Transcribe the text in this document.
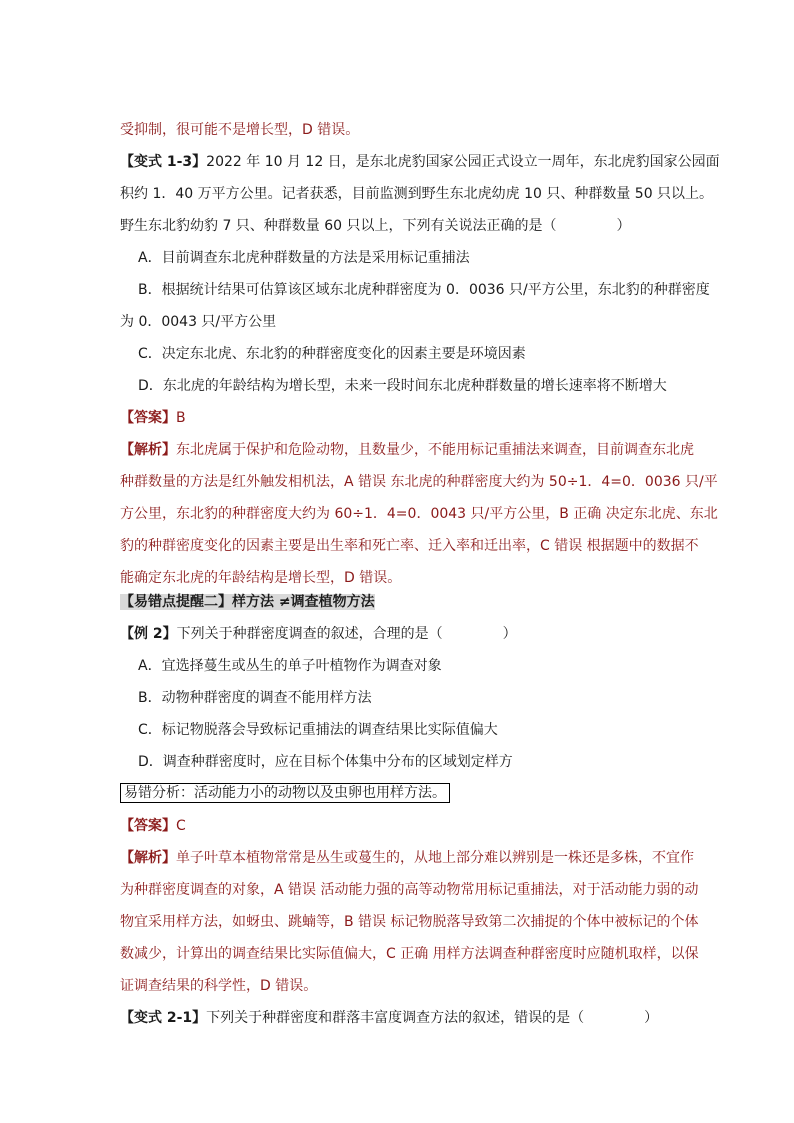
受抑制，很可能不是增长型，D 错误。
【变式 1-3】2022 年 10 月 12 日，是东北虎豹国家公园正式设立一周年，东北虎豹国家公园面
积约 1．40 万平方公里。记者获悉，目前监测到野生东北虎幼虎 10 只、种群数量 50 只以上。
野生东北豹幼豹 7 只、种群数量 60 只以上，下列有关说法正确的是（	）
A．目前调查东北虎种群数量的方法是采用标记重捕法
B．根据统计结果可估算该区域东北虎种群密度为 0．0036 只/平方公里，东北豹的种群密度
为 0．0043 只/平方公里
C．决定东北虎、东北豹的种群密度变化的因素主要是环境因素
D．东北虎的年龄结构为增长型，未来一段时间东北虎种群数量的增长速率将不断增大
【答案】B
【解析】东北虎属于保护和危险动物，且数量少，不能用标记重捕法来调查，目前调查东北虎
种群数量的方法是红外触发相机法，A 错误 东北虎的种群密度大约为 50÷1．4=0．0036 只/平
方公里，东北豹的种群密度大约为 60÷1．4=0．0043 只/平方公里，B 正确 决定东北虎、东北
豹的种群密度变化的因素主要是出生率和死亡率、迁入率和迁出率，C 错误 根据题中的数据不
能确定东北虎的年龄结构是增长型，D 错误。
【易错点提醒二】样方法 ≠调查植物方法
【例 2】下列关于种群密度调查的叙述，合理的是（	）
A．宜选择蔓生或丛生的单子叶植物作为调查对象
B．动物种群密度的调查不能用样方法
C．标记物脱落会导致标记重捕法的调查结果比实际值偏大
D．调查种群密度时，应在目标个体集中分布的区域划定样方
易错分析：活动能力小的动物以及虫卵也用样方法。
【答案】C
【解析】单子叶草本植物常常是丛生或蔓生的，从地上部分难以辨别是一株还是多株，不宜作
为种群密度调查的对象，A 错误 活动能力强的高等动物常用标记重捕法，对于活动能力弱的动
物宜采用样方法，如蚜虫、跳蝻等，B 错误 标记物脱落导致第二次捕捉的个体中被标记的个体
数减少，计算出的调查结果比实际值偏大，C 正确 用样方法调查种群密度时应随机取样，以保
证调查结果的科学性，D 错误。
【变式 2-1】下列关于种群密度和群落丰富度调查方法的叙述，错误的是（	）
